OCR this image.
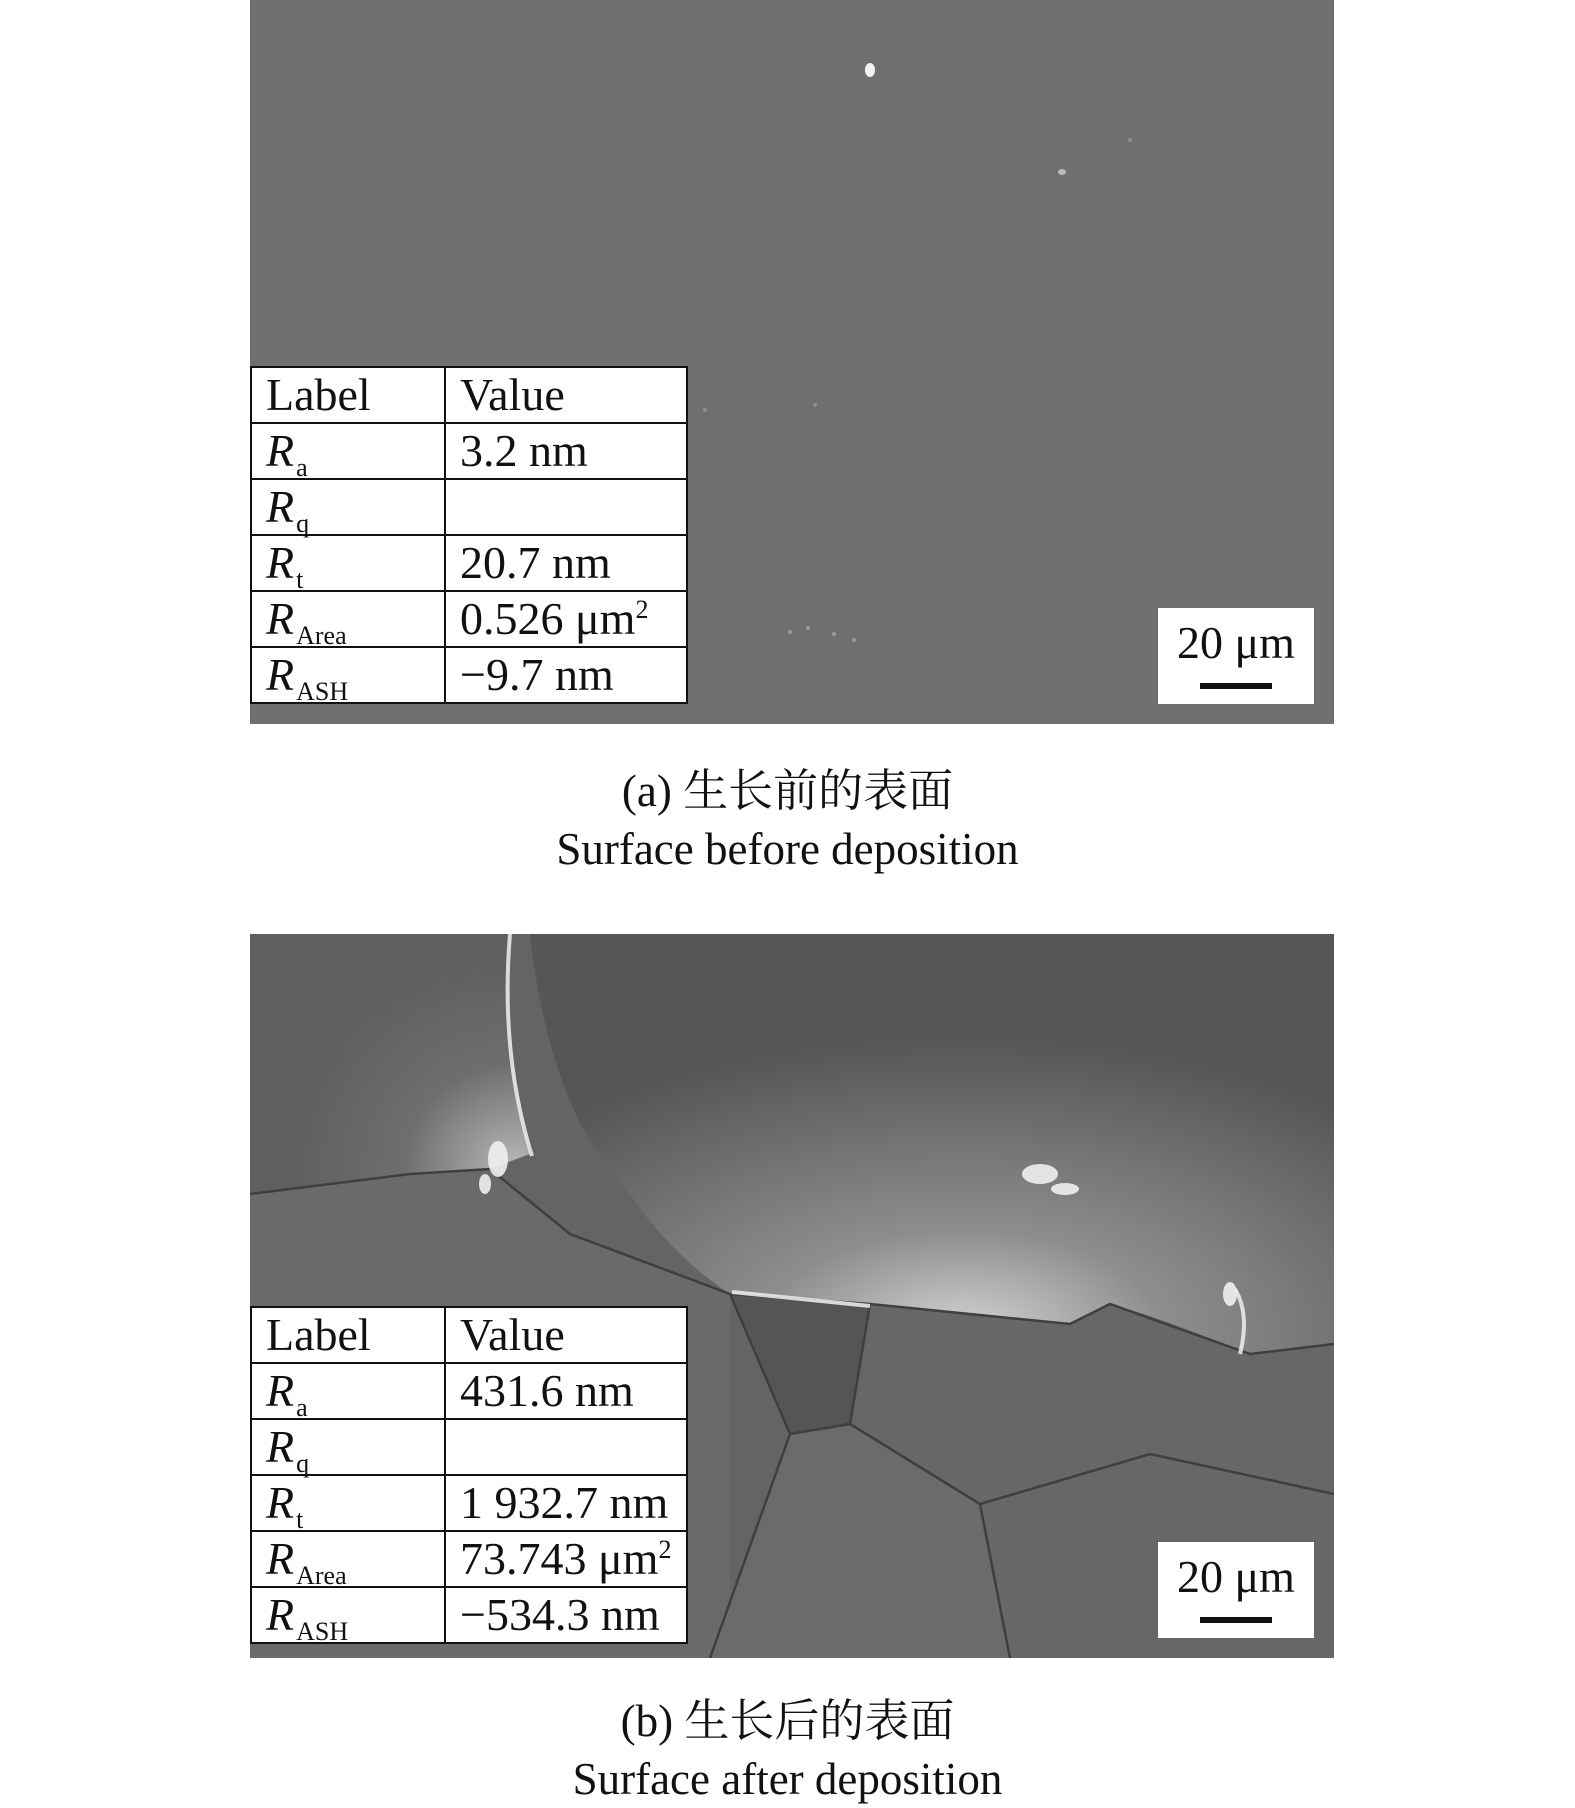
Label	Value
$R_a$	3.2 nm
$R_q$	
$R_t$	20.7 nm
$R_{Area}$	0.526 $\mu m^2$
$R_{ASH}$	−9.7 nm
20 μm
(a) 生长前的表面
Surface before deposition
Label	Value
$R_a$	431.6 nm
$R_q$	
$R_t$	1 932.7 nm
$R_{Area}$	73.743 $\mu m^2$
$R_{ASH}$	−534.3 nm
20 μm
(b) 生长后的表面
Surface after deposition
